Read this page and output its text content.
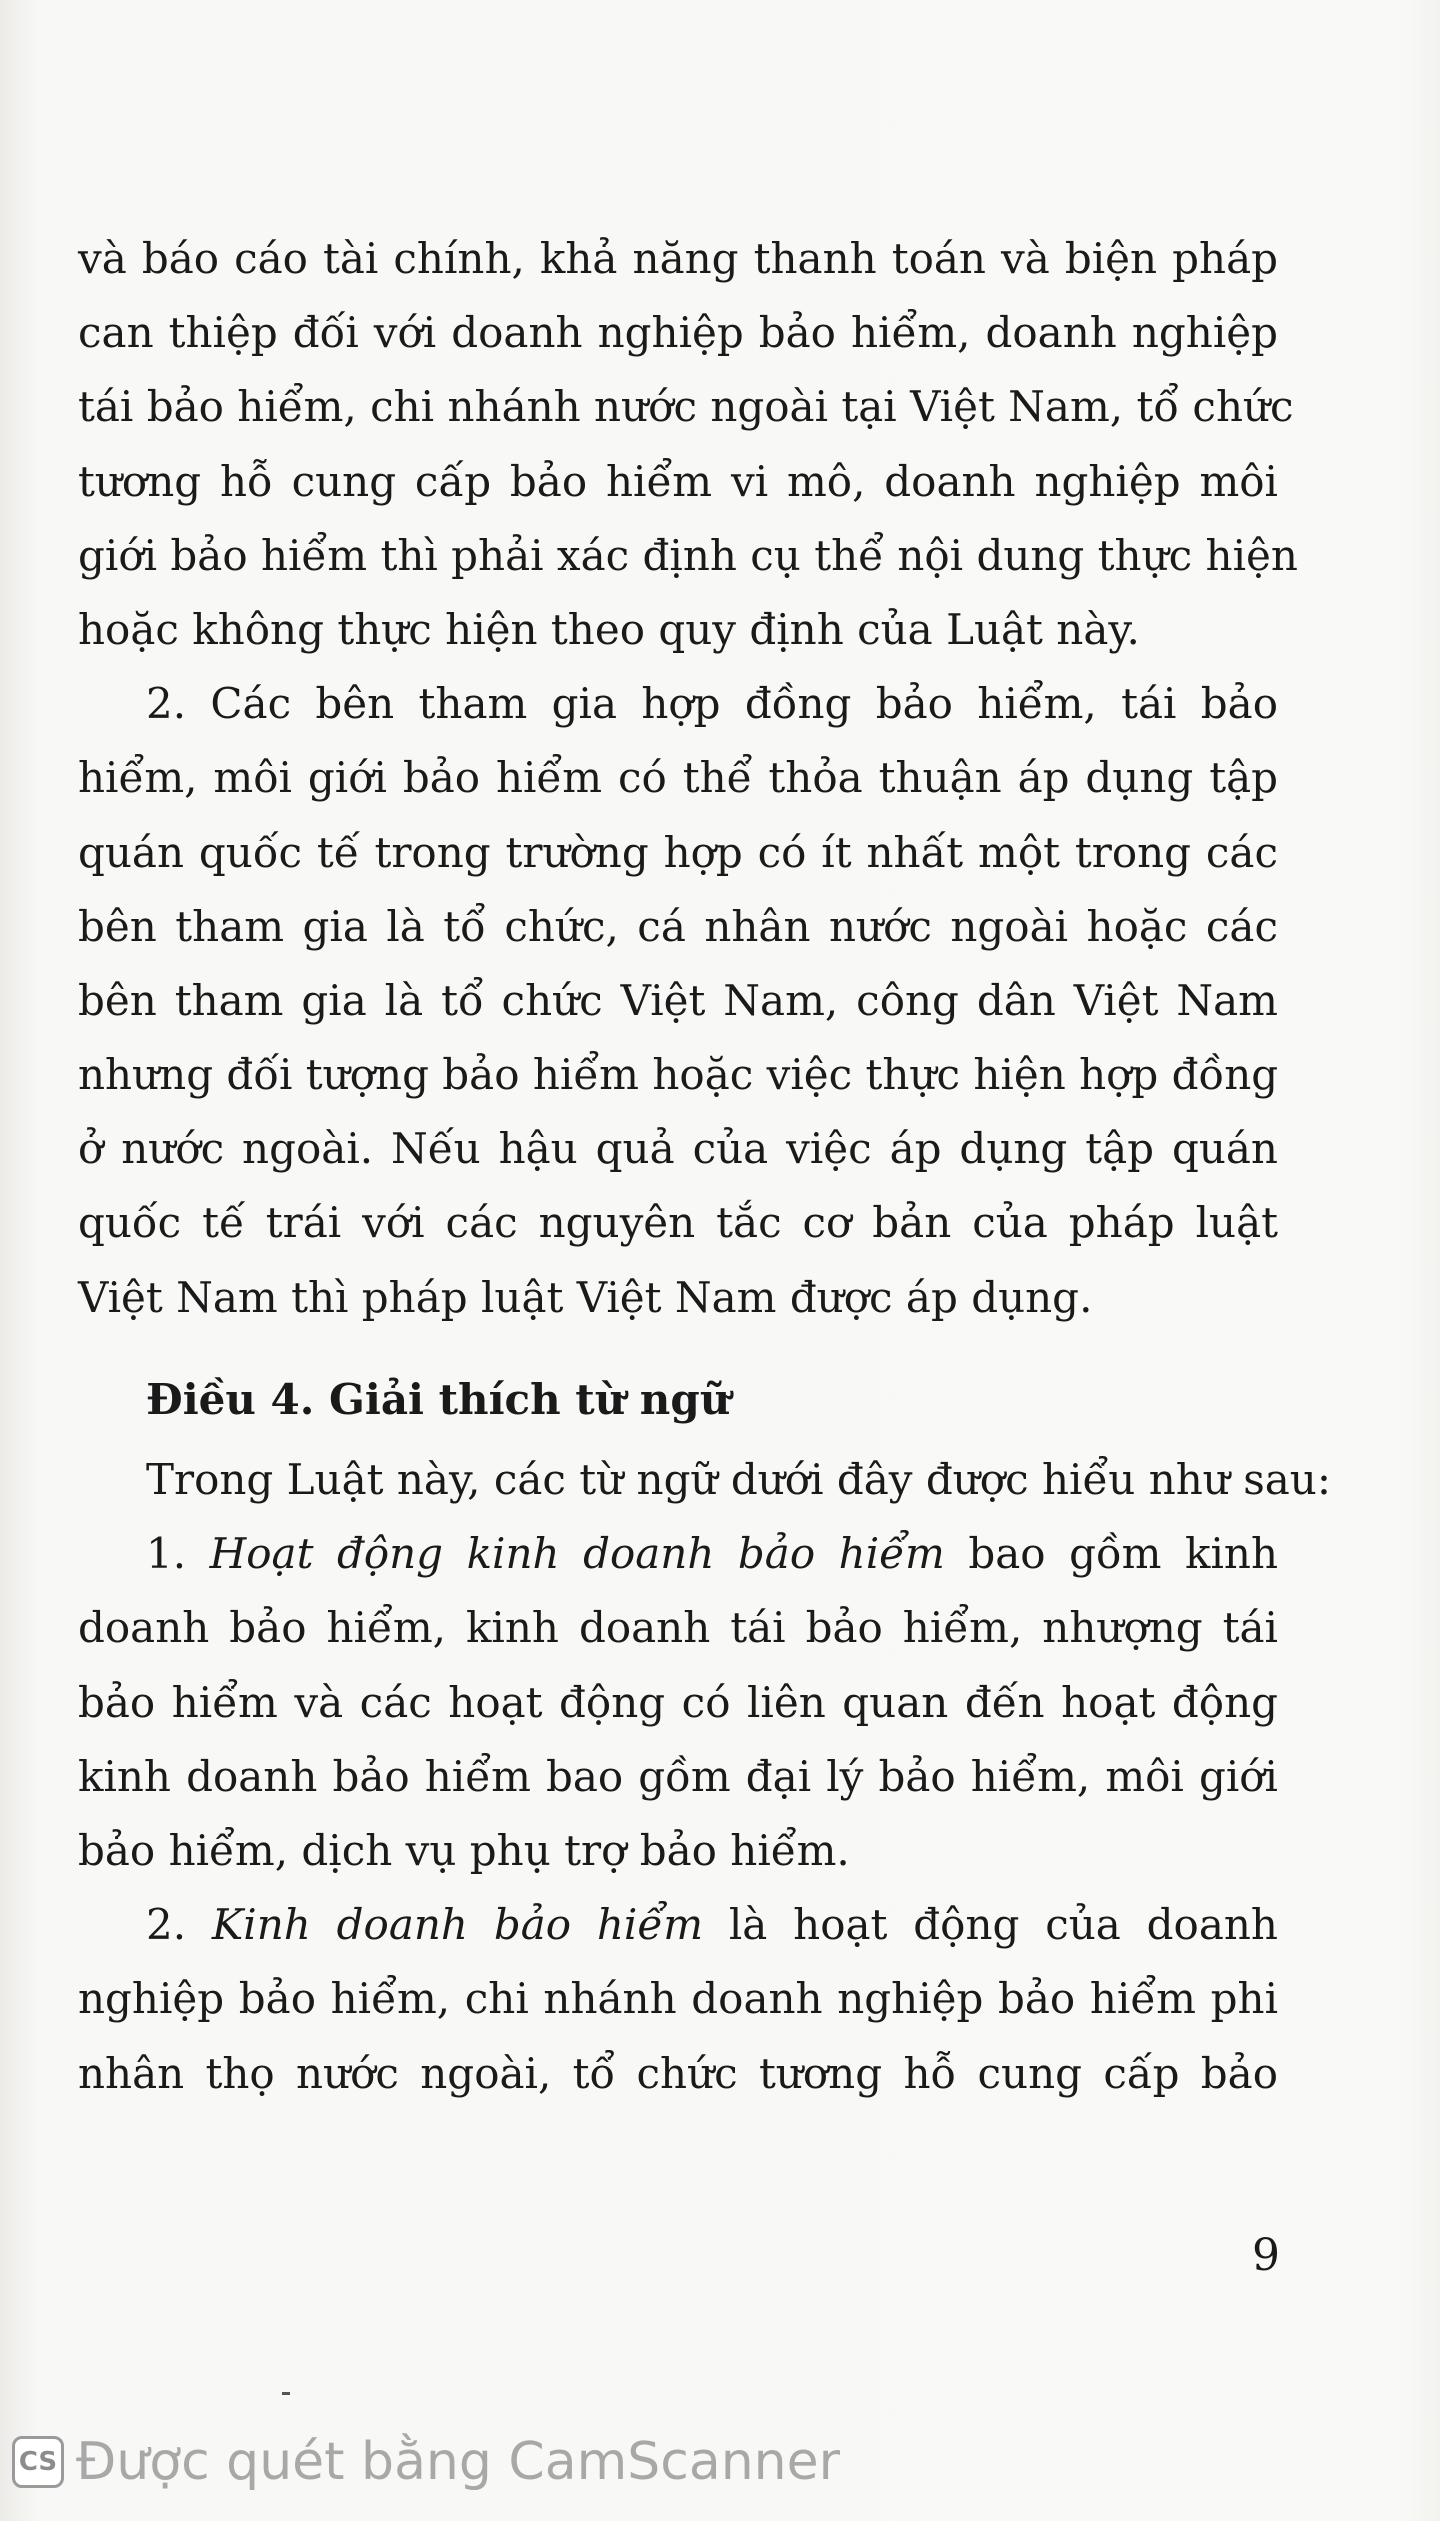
và báo cáo tài chính, khả năng thanh toán và biện pháp
can thiệp đối với doanh nghiệp bảo hiểm, doanh nghiệp
tái bảo hiểm, chi nhánh nước ngoài tại Việt Nam, tổ chức
tương hỗ cung cấp bảo hiểm vi mô, doanh nghiệp môi
giới bảo hiểm thì phải xác định cụ thể nội dung thực hiện
hoặc không thực hiện theo quy định của Luật này.
2. Các bên tham gia hợp đồng bảo hiểm, tái bảo
hiểm, môi giới bảo hiểm có thể thỏa thuận áp dụng tập
quán quốc tế trong trường hợp có ít nhất một trong các
bên tham gia là tổ chức, cá nhân nước ngoài hoặc các
bên tham gia là tổ chức Việt Nam, công dân Việt Nam
nhưng đối tượng bảo hiểm hoặc việc thực hiện hợp đồng
ở nước ngoài. Nếu hậu quả của việc áp dụng tập quán
quốc tế trái với các nguyên tắc cơ bản của pháp luật
Việt Nam thì pháp luật Việt Nam được áp dụng.
Điều 4. Giải thích từ ngữ
Trong Luật này, các từ ngữ dưới đây được hiểu như sau:
1. Hoạt động kinh doanh bảo hiểm bao gồm kinh
doanh bảo hiểm, kinh doanh tái bảo hiểm, nhượng tái
bảo hiểm và các hoạt động có liên quan đến hoạt động
kinh doanh bảo hiểm bao gồm đại lý bảo hiểm, môi giới
bảo hiểm, dịch vụ phụ trợ bảo hiểm.
2. Kinh doanh bảo hiểm là hoạt động của doanh
nghiệp bảo hiểm, chi nhánh doanh nghiệp bảo hiểm phi
nhân thọ nước ngoài, tổ chức tương hỗ cung cấp bảo
9
CS Được quét bằng CamScanner
